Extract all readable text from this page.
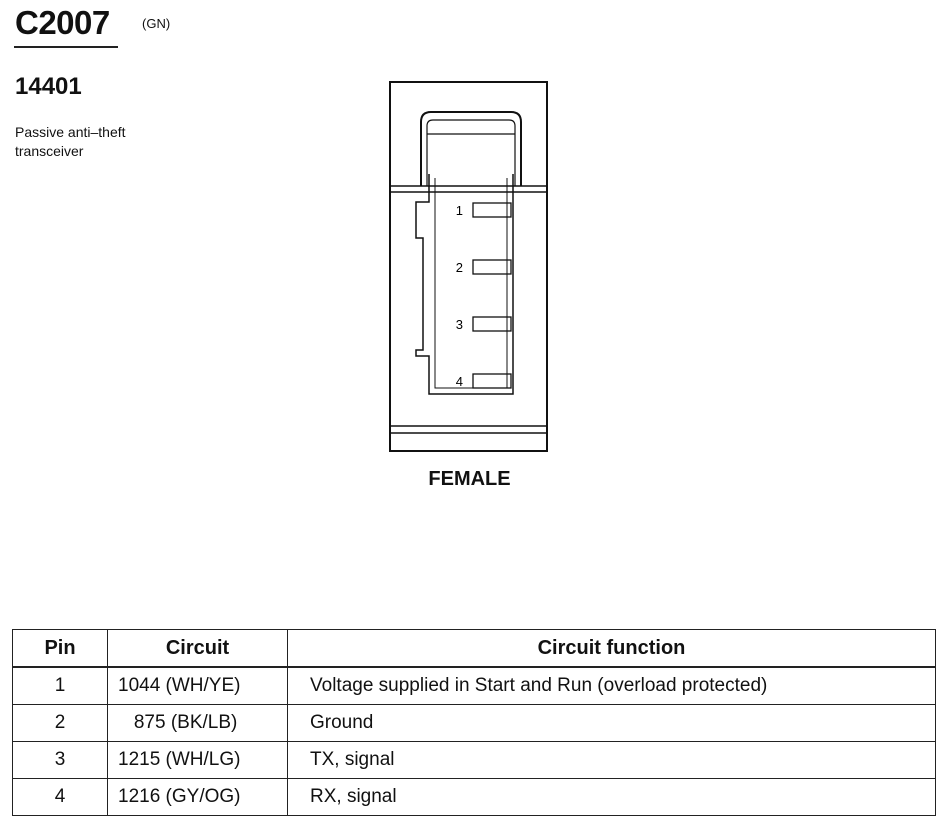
C2007 (GN)
14401
Passive anti–theft transceiver
1
2
3
4
FEMALE
Pin	Circuit	Circuit function
1	1044 (WH/YE)	Voltage supplied in Start and Run (overload protected)
2	875 (BK/LB)	Ground
3	1215 (WH/LG)	TX, signal
4	1216 (GY/OG)	RX, signal
